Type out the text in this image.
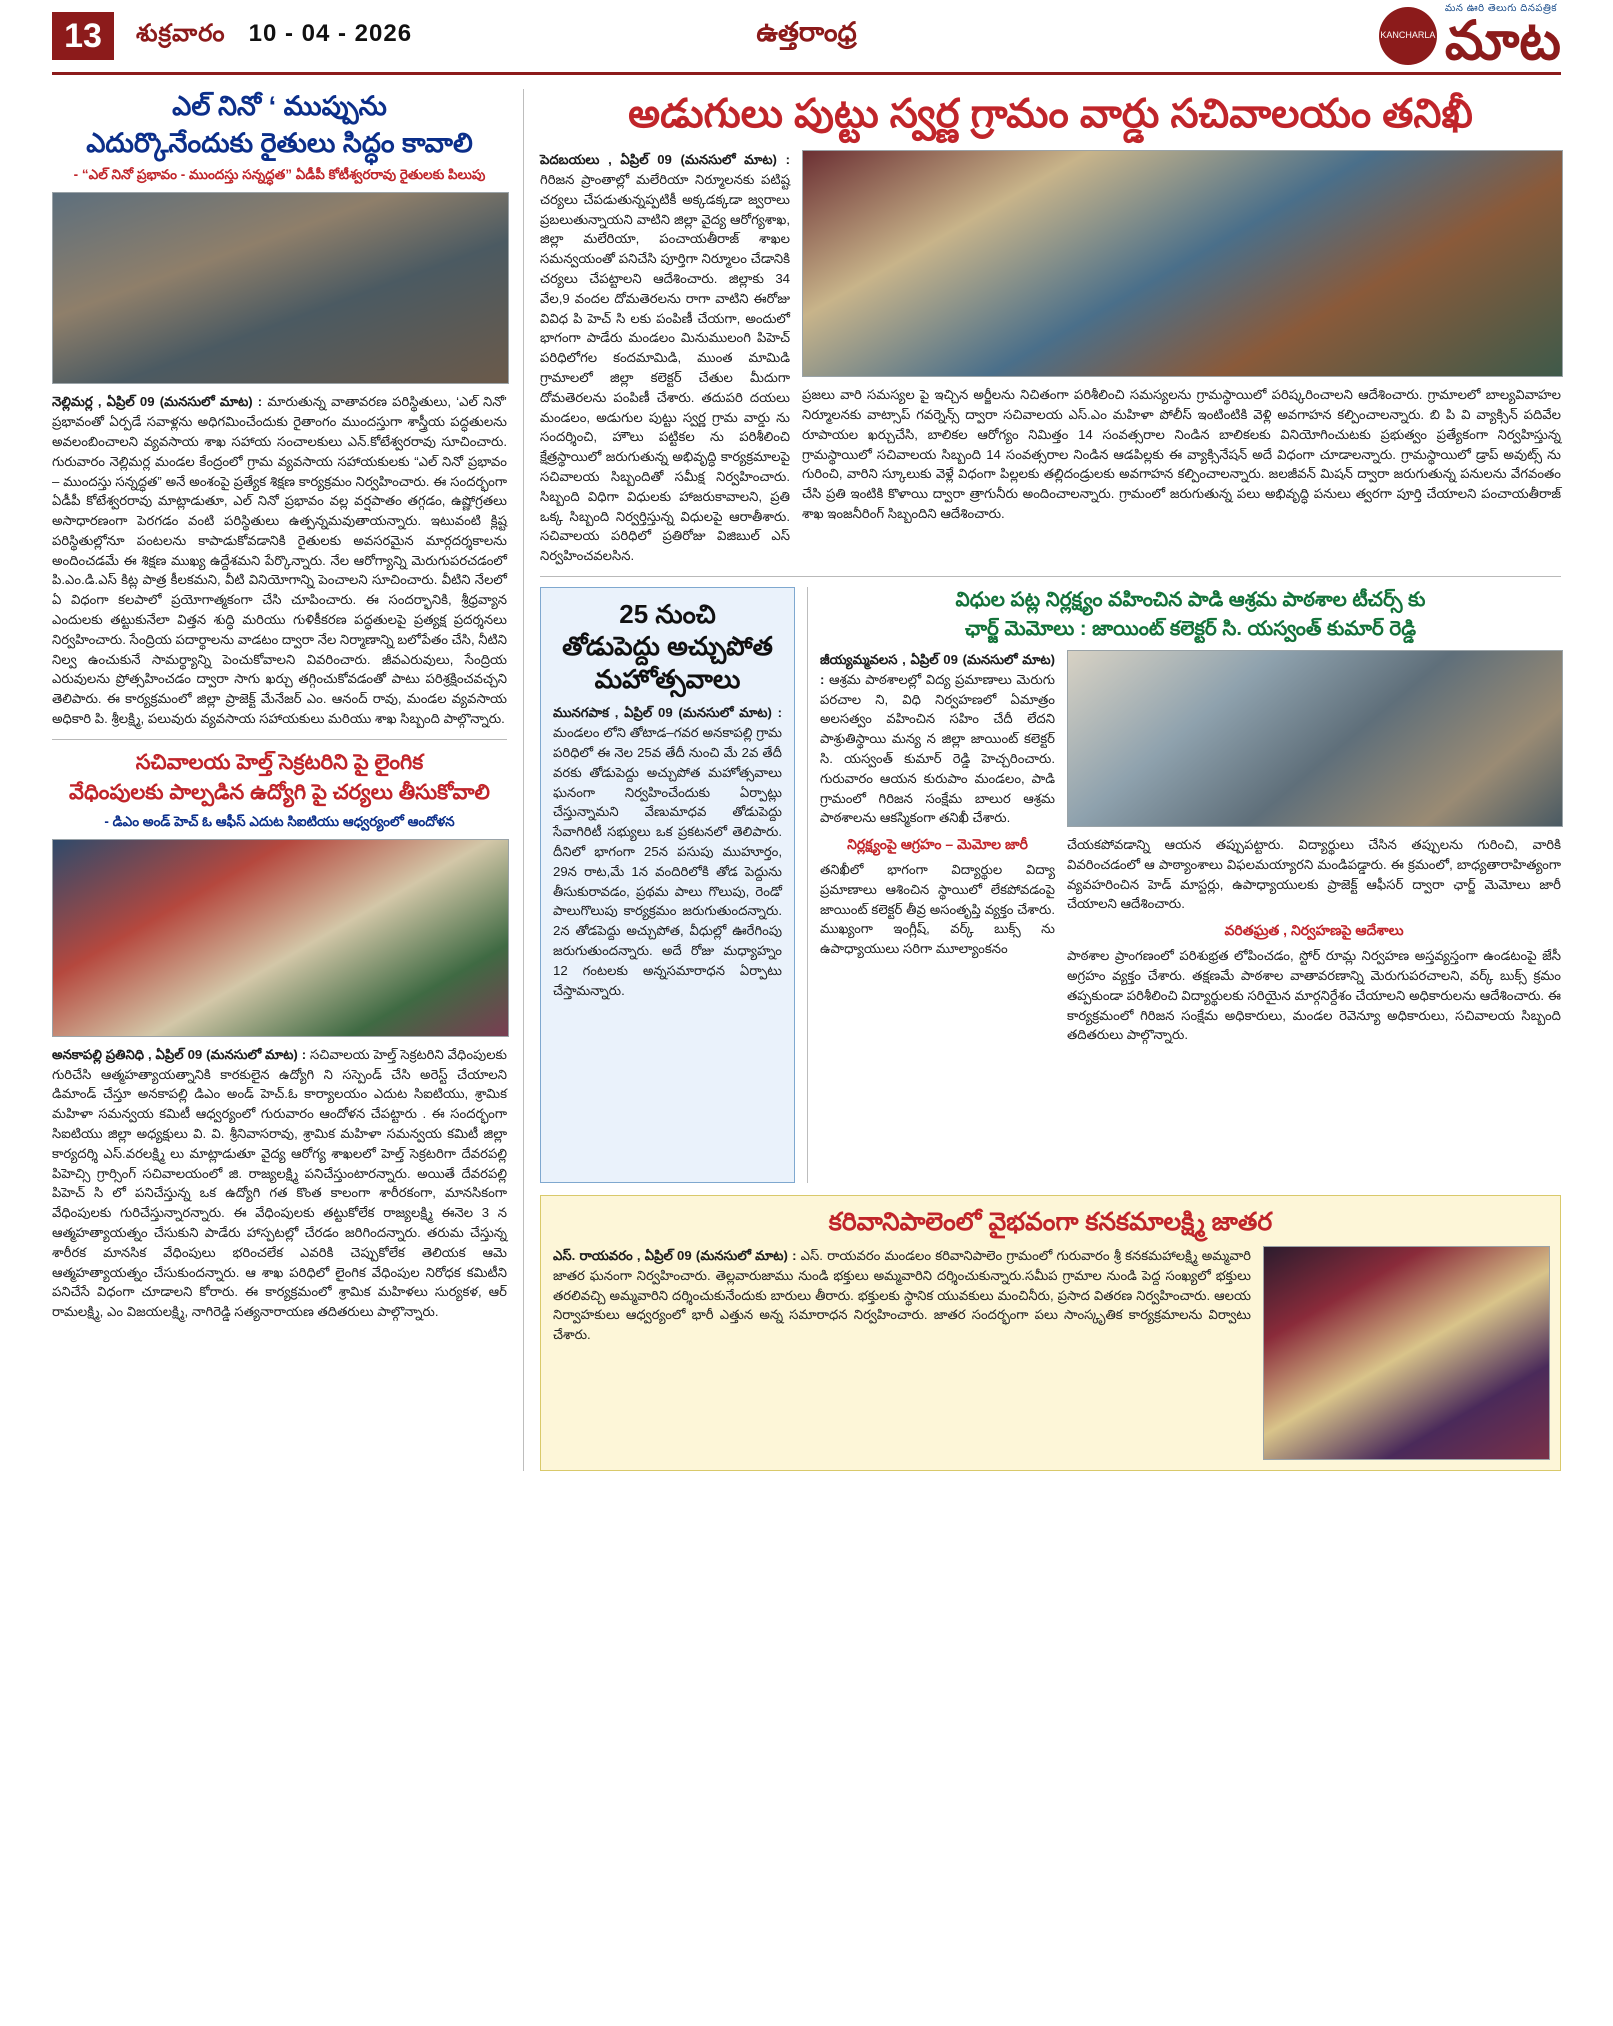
13	శుక్రవారం 10 - 04 - 2026	ఉత్తరాంధ్ర	KANCHARLA
మన ఊరి తెలుగు దినపత్రిక
మాట
ఎల్ నినో ‘ ముప్పును
ఎదుర్కొనేందుకు రైతులు సిద్ధం కావాలి
- “ఎల్ నినో ప్రభావం - ముందస్తు సన్నద్ధత” ఏడీపీ కోటీశ్వరరావు రైతులకు పిలుపు
నెల్లిమర్ల , ఏప్రిల్ 09 (మనసులో మాట) : మారుతున్న వాతావరణ పరిస్థితులు, ‘ఎల్ నినో’ ప్రభావంతో ఏర్పడే సవాళ్లను అధిగమించేందుకు రైతాంగం ముందస్తుగా శాస్త్రీయ పద్ధతులను అవలంబించాలని వ్యవసాయ శాఖ సహాయ సంచాలకులు ఎన్.కోటేశ్వరరావు సూచించారు. గురువారం నెల్లిమర్ల మండల కేంద్రంలో గ్రామ వ్యవసాయ సహాయకులకు “ఎల్ నినో ప్రభావం – ముందస్తు సన్నద్ధత” అనే అంశంపై ప్రత్యేక శిక్షణ కార్యక్రమం నిర్వహించారు. ఈ సందర్భంగా ఏడీపీ కోటేశ్వరరావు మాట్లాడుతూ, ఎల్ నినో ప్రభావం వల్ల వర్షపాతం తగ్గడం, ఉష్ణోగ్రతలు అసాధారణంగా పెరగడం వంటి పరిస్థితులు ఉత్పన్నమవుతాయన్నారు. ఇటువంటి క్లిష్ట పరిస్థితుల్లోనూ పంటలను కాపాడుకోవడానికి రైతులకు అవసరమైన మార్గదర్శకాలను అందించడమే ఈ శిక్షణ ముఖ్య ఉద్దేశమని పేర్కొన్నారు. నేల ఆరోగ్యాన్ని మెరుగుపరచడంలో పి.ఎం.డి.ఎస్ కిట్ల పాత్ర కీలకమని, వీటి వినియోగాన్ని పెంచాలని సూచించారు. వీటిని నేలలో ఏ విధంగా కలపాలో ప్రయోగాత్మకంగా చేసి చూపించారు. ఈ సందర్భానికి, శ్రీధ్రవ్యాన ఎందులకు తట్టుకునేలా విత్తన శుద్ధి మరియు గుళికీకరణ పద్ధతులపై ప్రత్యక్ష ప్రదర్శనలు నిర్వహించారు. సేంద్రియ పదార్థాలను వాడటం ద్వారా నేల నిర్మాణాన్ని బలోపేతం చేసి, నీటిని నిల్వ ఉంచుకునే సామర్థ్యాన్ని పెంచుకోవాలని వివరించారు. జీవఎరువులు, సేంద్రియ ఎరువులను ప్రోత్సహించడం ద్వారా సాగు ఖర్చు తగ్గించుకోవడంతో పాటు పరిశ్రక్షించవచ్చని తెలిపారు. ఈ కార్యక్రమంలో జిల్లా ప్రాజెక్ట్ మేనేజర్ ఎం. ఆనంద్ రావు, మండల వ్యవసాయ అధికారి పి. శ్రీలక్ష్మి, పలువురు వ్యవసాయ సహాయకులు మరియు శాఖ సిబ్బంది పాల్గొన్నారు.
సచివాలయ హెల్త్ సెక్రటరిని పై లైంగిక
వేధింపులకు పాల్పడిన ఉద్యోగి పై చర్యలు తీసుకోవాలి
- డిఎం అండ్ హెచ్ ఓ ఆఫీస్ ఎదుట సిఐటియు ఆధ్వర్యంలో ఆందోళన
అనకాపల్లి ప్రతినిధి , ఏప్రిల్ 09 (మనసులో మాట) : సచివాలయ హెల్త్ సెక్రటరిని వేధింపులకు గురిచేసి ఆత్మహత్యాయత్నానికి కారకులైన ఉద్యోగి ని సస్పెండ్ చేసి అరెస్ట్ చేయాలని డిమాండ్ చేస్తూ అనకాపల్లి డిఎం అండ్ హెచ్.ఓ కార్యాలయం ఎదుట సిఐటియు, శ్రామిక మహిళా సమన్వయ కమిటీ ఆధ్వర్యంలో గురువారం ఆందోళన చేపట్టారు . ఈ సందర్భంగా సిఐటియు జిల్లా అధ్యక్షులు వి. వి. శ్రీనివాసరావు, శ్రామిక మహిళా సమన్వయ కమిటీ జిల్లా కార్యదర్శి ఎస్.వరలక్ష్మి లు మాట్లాడుతూ వైద్య ఆరోగ్య శాఖలలో హెల్త్ సెక్రటరిగా దేవరపల్లి పిహెచ్సి గ్రార్సింగ్ సచివాలయంలో జి. రాజ్యలక్ష్మి పనిచేస్తుంటారన్నారు. అయితే దేవరపల్లి పిహెచ్ సి లో పనిచేస్తున్న ఒక ఉద్యోగి గత కొంత కాలంగా శారీరకంగా, మానసికంగా వేధింపులకు గురిచేస్తున్నారన్నారు. ఈ వేధింపులకు తట్టుకోలేక రాజ్యలక్ష్మి ఈనెల 3 న ఆత్మహత్యాయత్నం చేసుకుని పాడేరు హాస్పటల్లో చేరడం జరిగిందన్నారు. తరుమ చేస్తున్న శారీరక మానసిక వేధింపులు భరించలేక ఎవరికి చెప్పుకోలేక తెలియక ఆమె ఆత్మహత్యాయత్నం చేసుకుందన్నారు. ఆ శాఖ పరిధిలో లైంగిక వేధింపుల నిరోధక కమిటీని పనిచేసే విధంగా చూడాలని కోరారు. ఈ కార్యక్రమంలో శ్రామిక మహిళలు సుర్యకళ, ఆర్ రామలక్ష్మి, ఎం విజయలక్ష్మి, నాగిరెడ్డి సత్యనారాయణ తదితరులు పాల్గొన్నారు.
అడుగులు పుట్టు స్వర్ణ గ్రామం వార్డు సచివాలయం తనిఖీ
పెదబయలు , ఏప్రిల్ 09 (మనసులో మాట) : గిరిజన ప్రాంతాల్లో మలేరియా నిర్మూలనకు పటిష్ట చర్యలు చేపడుతున్నప్పటికీ అక్కడక్కడా జ్వరాలు ప్రబలుతున్నాయని వాటిని జిల్లా వైద్య ఆరోగ్యశాఖ, జిల్లా మలేరియా, పంచాయతీరాజ్ శాఖల సమన్వయంతో పనిచేసి పూర్తిగా నిర్మూలం చేడానికి చర్యలు చేపట్టాలని ఆదేశించారు. జిల్లాకు 34 వేల,9 వందల దోమతెరలను రాగా వాటిని ఈరోజు వివిధ పి హెచ్ సి లకు పంపిణీ చేయగా, అందులో భాగంగా పాడేరు మండలం మినుములంగి పిహెచ్ పరిధిలోగల కందమామిడి, ముంత మామిడి గ్రామాలలో జిల్లా కలెక్టర్ చేతుల మీదుగా దోమతెరలను పంపిణీ చేశారు. తదుపరి దయలు మండలం, అడుగుల పుట్టు స్వర్ణ గ్రామ వార్డు ను సందర్శించి, హౌలు పట్టికల ను పరిశీలించి క్షేత్రస్థాయిలో జరుగుతున్న అభివృద్ధి కార్యక్రమాలపై సచివాలయ సిబ్బందితో సమీక్ష నిర్వహించారు. సిబ్బంది విధిగా విధులకు హాజరుకావాలని, ప్రతి ఒక్క సిబ్బంది నిర్వర్తిస్తున్న విధులపై ఆరాతీశారు. సచివాలయ పరిధిలో ప్రతిరోజు విజిబుల్ ఎస్ నిర్వహించవలసిన.
ప్రజలు వారి సమస్యల పై ఇచ్చిన అర్జీలను నిచితంగా పరిశీలించి సమస్యలను గ్రామస్థాయిలో పరిష్కరించాలని ఆదేశించారు. గ్రామాలలో బాల్యవివాహల నిర్మూలనకు వాట్సాప్ గవర్నెన్స్ ద్వారా సచివాలయ ఎస్.ఎం మహిళా పోలీస్ ఇంటింటికి వెళ్లి అవగాహన కల్పించాలన్నారు. బి పి వి వ్యాక్సిన్ పదివేల రూపాయల ఖర్చుచేసి, బాలికల ఆరోగ్యం నిమిత్తం 14 సంవత్సరాల నిండిన బాలికలకు వినియోగించుటకు ప్రభుత్వం ప్రత్యేకంగా నిర్వహిస్తున్న గ్రామస్థాయిలో సచివాలయ సిబ్బంది 14 సంవత్సరాల నిండిన ఆడపిల్లకు ఈ వ్యాక్సినేషన్ అదే విధంగా చూడాలన్నారు. గ్రామస్థాయిలో డ్రాప్ అవుట్స్ ను గురించి, వారిని స్కూలుకు వెళ్లే విధంగా పిల్లలకు తల్లిదండ్రులకు అవగాహన కల్పించాలన్నారు. జలజీవన్ మిషన్ ద్వారా జరుగుతున్న పనులను వేగవంతం చేసి ప్రతి ఇంటికి కొళాయి ద్వారా త్రాగునీరు అందించాలన్నారు. గ్రామంలో జరుగుతున్న పలు అభివృద్ధి పనులు త్వరగా పూర్తి చేయాలని పంచాయతీరాజ్ శాఖ ఇంజనీరింగ్ సిబ్బందిని ఆదేశించారు.
25 నుంచి
తోడుపెద్దు అచ్చుపోత
మహోత్సవాలు
మునగపాక , ఏప్రిల్ 09 (మనసులో మాట) : మండలం లోని తోటాడ–గవర అనకాపల్లి గ్రామ పరిధిలో ఈ నెల 25వ తేదీ నుంచి మే 2వ తేదీ వరకు తోడుపెద్దు అచ్చుపోత మహోత్సవాలు ఘనంగా నిర్వహించేందుకు ఏర్పాట్లు చేస్తున్నామని వేణుమాధవ తోడుపెద్దు సేవాగిరిటీ సభ్యులు ఒక ప్రకటనలో తెలిపారు. దీనిలో భాగంగా 25న పసుపు ముహూర్తం, 29న రాట,మే 1న వందిరిలోకి తోడ పెద్దును తీసుకురావడం, ప్రథమ పాలు గొలుపు, రెండో పాలుగొలుపు కార్యక్రమం జరుగుతుందన్నారు. 2న తోడపెద్దు అచ్చుపోత, వీధుల్లో ఊరేగింపు జరుగుతుందన్నారు. అదే రోజు మధ్యాహ్నం 12 గంటలకు అన్నసమారాధన ఏర్పాటు చేస్తామన్నారు.
విధుల పట్ల నిర్లక్ష్యం వహించిన పాడి ఆశ్రమ పాఠశాల టీచర్స్ కు
ఛార్జ్ మెమోలు : జాయింట్ కలెక్టర్ సి. యస్వంత్ కుమార్ రెడ్డి
జీయ్యమ్మవలస , ఏప్రిల్ 09 (మనసులో మాట) : ఆశ్రమ పాఠశాలల్లో విద్య ప్రమాణాలు మెరుగు పరచాల ని, విధి నిర్వహణలో ఏమాత్రం అలసత్వం వహించిన సహిం చేదీ లేదని పాశ్రుతిస్థాయి మన్య న జిల్లా జాయింట్ కలెక్టర్ సి. యస్వంత్ కుమార్ రెడ్డి హెచ్చరించారు. గురువారం ఆయన కురుపాం మండలం, పాడి గ్రామంలో గిరిజన సంక్షేమ బాలుర ఆశ్రమ పాఠశాలను ఆకస్మికంగా తనిఖీ చేశారు.
నిర్లక్ష్యంపై ఆగ్రహం – మెమోల జారీ
తనిఖీలో భాగంగా విద్యార్థుల విద్యా ప్రమాణాలు ఆశించిన స్థాయిలో లేకపోవడంపై జాయింట్ కలెక్టర్ తీవ్ర అసంతృప్తి వ్యక్తం చేశారు. ముఖ్యంగా ఇంగ్లీష్, వర్క్ బుక్స్ ను ఉపాధ్యాయులు సరిగా మూల్యాంకనం
చేయకపోవడాన్ని ఆయన తప్పుపట్టారు. విద్యార్థులు చేసిన తప్పులను గురించి, వారికి వివరించడంలో ఆ పాఠ్యాంశాలు విఫలమయ్యారని మండిపడ్డారు. ఈ క్రమంలో, బాధ్యతారాహిత్యంగా వ్యవహరించిన హెడ్ మాస్టర్లు, ఉపాధ్యాయులకు ప్రాజెక్ట్ ఆఫీసర్ ద్వారా ఛార్జ్ మెమోలు జారీ చేయాలని ఆదేశించారు.
వరితఘ్రత , నిర్వహణపై ఆదేశాలు
పాఠశాల ప్రాంగణంలో పరిశుభ్రత లోపించడం, స్టోర్ రూమ్ల నిర్వహణ అస్తవ్యస్తంగా ఉండటంపై జేసీ అగ్రహం వ్యక్తం చేశారు. తక్షణమే పాఠశాల వాతావరణాన్ని మెరుగుపరచాలని, వర్క్ బుక్స్ క్రమం తప్పకుండా పరిశీలించి విద్యార్థులకు సరియైన మార్గనిర్దేశం చేయాలని అధికారులను ఆదేశించారు. ఈ కార్యక్రమంలో గిరిజన సంక్షేమ అధికారులు, మండల రెవెన్యూ అధికారులు, సచివాలయ సిబ్బంది తదితరులు పాల్గొన్నారు.
కరివానిపాలెంలో వైభవంగా కనకమాలక్ష్మి జాతర
ఎస్. రాయవరం , ఏప్రిల్ 09 (మనసులో మాట) : ఎస్. రాయవరం మండలం కరివానిపాలెం గ్రామంలో గురువారం శ్రీ కనకమహాలక్ష్మి అమ్మవారి జాతర ఘనంగా నిర్వహించారు. తెల్లవారుజాము నుండి భక్తులు అమ్మవారిని దర్శించుకున్నారు.సమీప గ్రామాల నుండి పెద్ద సంఖ్యలో భక్తులు తరలివచ్చి అమ్మవారిని దర్శించుకునేందుకు బారులు తీరారు. భక్తులకు స్థానిక యువకులు మంచినీరు, ప్రసాద వితరణ నిర్వహించారు. ఆలయ నిర్వాహకులు ఆధ్వర్యంలో భారీ ఎత్తున అన్న సమారాధన నిర్వహించారు. జాతర సందర్భంగా పలు సాంస్కృతిక కార్యక్రమాలను విర్వాటు చేశారు.
